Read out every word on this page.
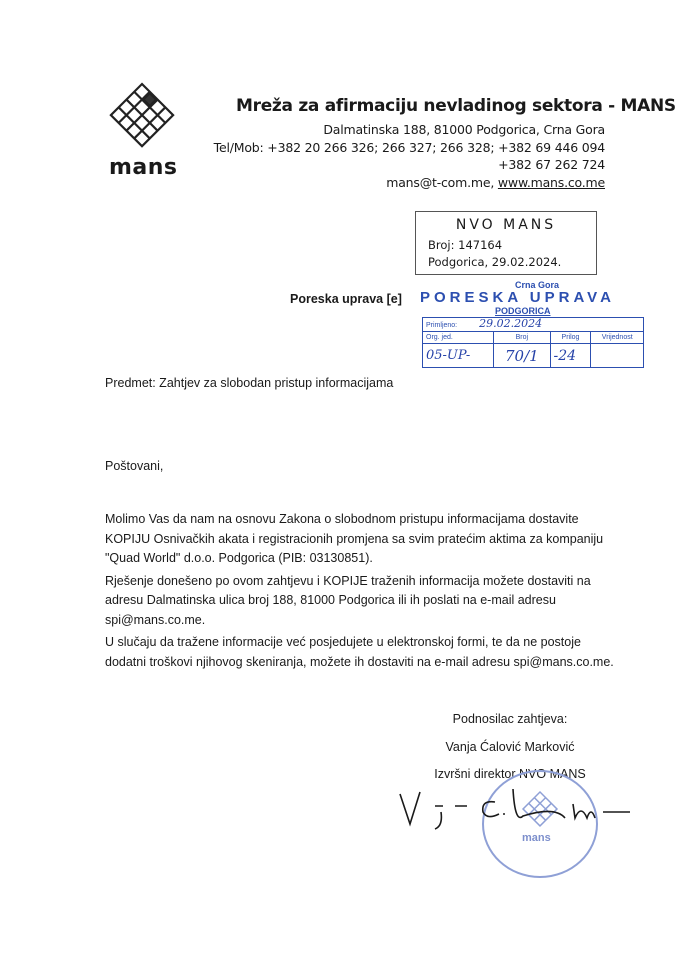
mans
Mreža za afirmaciju nevladinog sektora - MANS
Dalmatinska 188, 81000 Podgorica, Crna Gora
Tel/Mob: +382 20 266 326; 266 327; 266 328; +382 69 446 094
+382 67 262 724
mans@t-com.me, www.mans.co.me
NVO MANS
Broj: 147164
Podgorica, 29.02.2024.
Poreska uprava [e]
Crna Gora
PORESKA UPRAVA
PODGORICA
Primljeno: 29.02.2024			
Org. jed.	Broj	Prilog	Vrijednost
05-UP-	70/1	-24	
Predmet: Zahtjev za slobodan pristup informacijama
Poštovani,

Molimo Vas da nam na osnovu Zakona o slobodnom pristupu informacijama dostavite KOPIJU Osnivačkih akata i registracionih promjena sa svim pratećim aktima za kompaniju "Quad World" d.o.o. Podgorica (PIB: 03130851).

Rješenje donešeno po ovom zahtjevu i KOPIJE traženih informacija možete dostaviti na adresu Dalmatinska ulica broj 188, 81000 Podgorica ili ih poslati na e-mail adresu spi@mans.co.me.

U slučaju da tražene informacije već posjedujete u elektronskoj formi, te da ne postoje dodatni troškovi njihovog skeniranja, možete ih dostaviti na e-mail adresu spi@mans.co.me.

Podnosilac zahtjeva:
Vanja Ćalović Marković
Izvršni direktor NVO MANS
mans
